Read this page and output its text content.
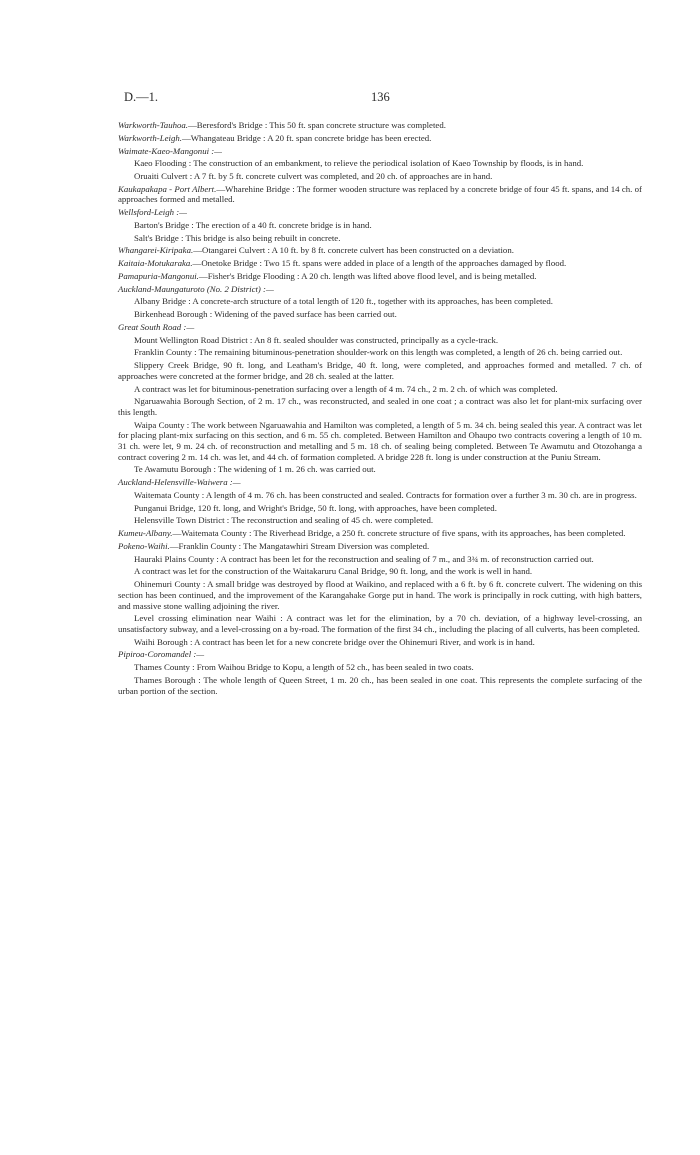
D.—1.	136

Warkworth-Tauhoa.—Beresford's Bridge : This 50 ft. span concrete structure was completed.

Warkworth-Leigh.—Whangateau Bridge : A 20 ft. span concrete bridge has been erected.

Waimate-Kaeo-Mangonui :—

Kaeo Flooding : The construction of an embankment, to relieve the periodical isolation of Kaeo Township by floods, is in hand.

Oruaiti Culvert : A 7 ft. by 5 ft. concrete culvert was completed, and 20 ch. of approaches are in hand.

Kaukapakapa - Port Albert.—Wharehine Bridge : The former wooden structure was replaced by a concrete bridge of four 45 ft. spans, and 14 ch. of approaches formed and metalled.

Wellsford-Leigh :—

Barton's Bridge : The erection of a 40 ft. concrete bridge is in hand.

Salt's Bridge : This bridge is also being rebuilt in concrete.

Whangarei-Kiripaka.—Otangarei Culvert : A 10 ft. by 8 ft. concrete culvert has been constructed on a deviation.

Kaitaia-Motukaraka.—Onetoke Bridge : Two 15 ft. spans were added in place of a length of the approaches damaged by flood.

Pamapuria-Mangonui.—Fisher's Bridge Flooding : A 20 ch. length was lifted above flood level, and is being metalled.

Auckland-Maungaturoto (No. 2 District) :—

Albany Bridge : A concrete-arch structure of a total length of 120 ft., together with its approaches, has been completed.

Birkenhead Borough : Widening of the paved surface has been carried out.

Great South Road :—

Mount Wellington Road District : An 8 ft. sealed shoulder was constructed, principally as a cycle-track.

Franklin County : The remaining bituminous-penetration shoulder-work on this length was completed, a length of 26 ch. being carried out.

Slippery Creek Bridge, 90 ft. long, and Leatham's Bridge, 40 ft. long, were completed, and approaches formed and metalled. 7 ch. of approaches were concreted at the former bridge, and 28 ch. sealed at the latter.

A contract was let for bituminous-penetration surfacing over a length of 4 m. 74 ch., 2 m. 2 ch. of which was completed.

Ngaruawahia Borough Section, of 2 m. 17 ch., was reconstructed, and sealed in one coat ; a contract was also let for plant-mix surfacing over this length.

Waipa County : The work between Ngaruawahia and Hamilton was completed, a length of 5 m. 34 ch. being sealed this year. A contract was let for placing plant-mix surfacing on this section, and 6 m. 55 ch. completed. Between Hamilton and Ohaupo two contracts covering a length of 10 m. 31 ch. were let, 9 m. 24 ch. of reconstruction and metalling and 5 m. 18 ch. of sealing being completed. Between Te Awamutu and Otozohanga a contract covering 2 m. 14 ch. was let, and 44 ch. of formation completed. A bridge 228 ft. long is under construction at the Puniu Stream.

Te Awamutu Borough : The widening of 1 m. 26 ch. was carried out.

Auckland-Helensville-Waiwera :—

Waitemata County : A length of 4 m. 76 ch. has been constructed and sealed. Contracts for formation over a further 3 m. 30 ch. are in progress.

Punganui Bridge, 120 ft. long, and Wright's Bridge, 50 ft. long, with approaches, have been completed.

Helensville Town District : The reconstruction and sealing of 45 ch. were completed.

Kumeu-Albany.—Waitemata County : The Riverhead Bridge, a 250 ft. concrete structure of five spans, with its approaches, has been completed.

Pokeno-Waihi.—Franklin County : The Mangatawhiri Stream Diversion was completed.

Hauraki Plains County : A contract has been let for the reconstruction and sealing of 7 m., and 3¾ m. of reconstruction carried out.

A contract was let for the construction of the Waitakaruru Canal Bridge, 90 ft. long, and the work is well in hand.

Ohinemuri County : A small bridge was destroyed by flood at Waikino, and replaced with a 6 ft. by 6 ft. concrete culvert. The widening on this section has been continued, and the improvement of the Karangahake Gorge put in hand. The work is principally in rock cutting, with high batters, and massive stone walling adjoining the river.

Level crossing elimination near Waihi : A contract was let for the elimination, by a 70 ch. deviation, of a highway level-crossing, an unsatisfactory subway, and a level-crossing on a by-road. The formation of the first 34 ch., including the placing of all culverts, has been completed.

Waihi Borough : A contract has been let for a new concrete bridge over the Ohinemuri River, and work is in hand.

Pipiroa-Coromandel :—

Thames County : From Waihou Bridge to Kopu, a length of 52 ch., has been sealed in two coats.

Thames Borough : The whole length of Queen Street, 1 m. 20 ch., has been sealed in one coat. This represents the complete surfacing of the urban portion of the section.
